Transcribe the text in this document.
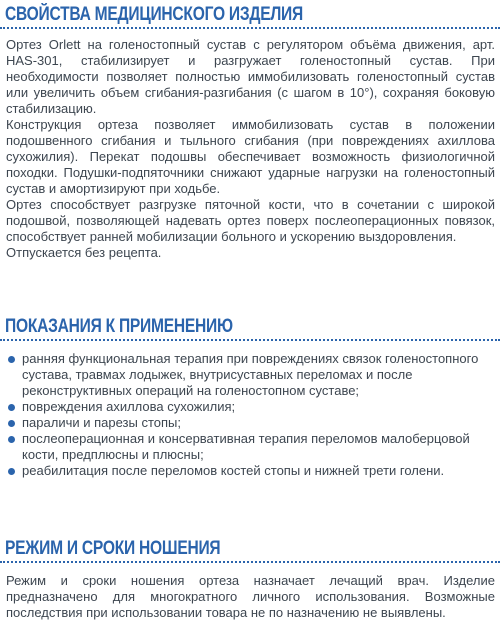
СВОЙСТВА МЕДИЦИНСКОГО ИЗДЕЛИЯ

Ортез Orlett на голеностопный сустав с регулятором объёма движения, арт. HAS-301, стабилизирует и разгружает голеностопный сустав. При необходимости позволяет полностью иммобилизовать голеностопный сустав или увеличить объем сгибания-разгибания (с шагом в 10°), сохраняя боковую стабилизацию.

Конструкция ортеза позволяет иммобилизовать сустав в положении подошвенного сгибания и тыльного сгибания (при повреждениях ахиллова сухожилия). Перекат подошвы обеспечивает возможность физиологичной походки. Подушки-подпяточники снижают ударные нагрузки на голеностопный сустав и амортизируют при ходьбе.

Ортез способствует разгрузке пяточной кости, что в сочетании с широкой подошвой, позволяющей надевать ортез поверх послеоперационных повязок, способствует ранней мобилизации больного и ускорению выздоровления.

Отпускается без рецепта.

ПОКАЗАНИЯ К ПРИМЕНЕНИЮ
ранняя функциональная терапия при повреждениях связок голеностопного сустава, травмах лодыжек, внутрисуставных переломах и после реконструктивных операций на голеностопном суставе;
повреждения ахиллова сухожилия;
параличи и парезы стопы;
послеоперационная и консервативная терапия переломов малоберцовой кости, предплюсны и плюсны;
реабилитация после переломов костей стопы и нижней трети голени.
РЕЖИМ И СРОКИ НОШЕНИЯ

Режим и сроки ношения ортеза назначает лечащий врач. Изделие предназначено для многократного личного использования. Возможные последствия при использовании товара не по назначению не выявлены.
